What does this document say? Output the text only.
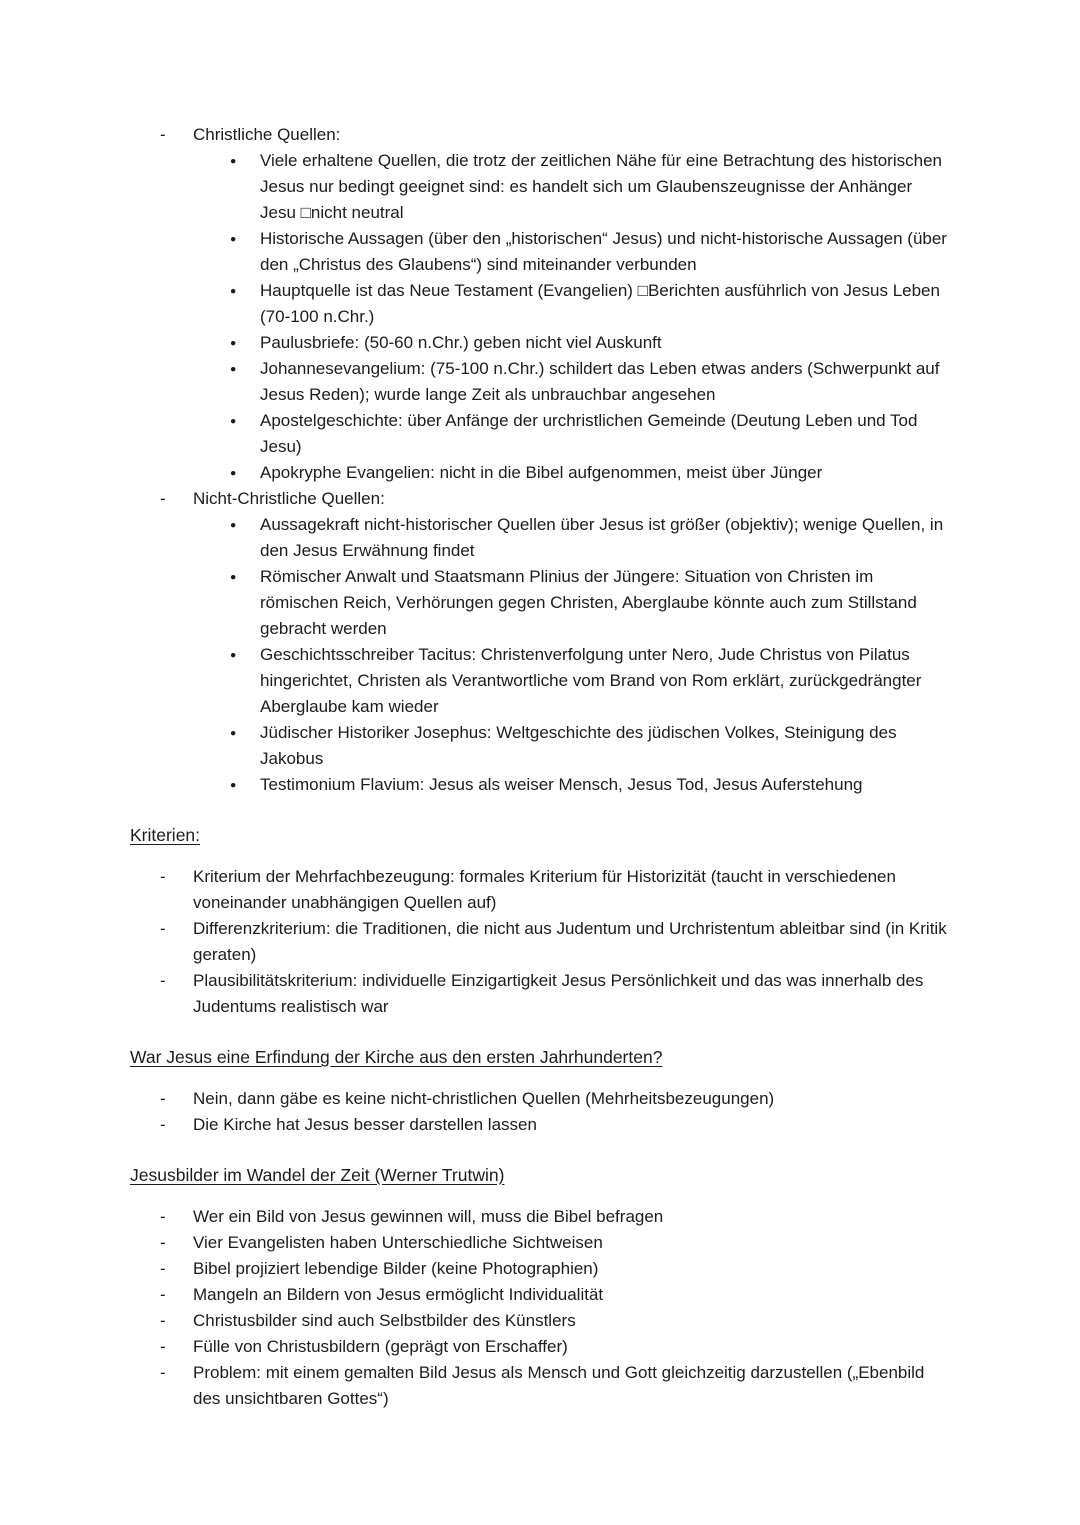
-	Christliche Quellen:
●	Viele erhaltene Quellen, die trotz der zeitlichen Nähe für eine Betrachtung des historischen Jesus nur bedingt geeignet sind: es handelt sich um Glaubenszeugnisse der Anhänger Jesu □nicht neutral
●	Historische Aussagen (über den „historischen“ Jesus) und nicht-historische Aussagen (über den „Christus des Glaubens“) sind miteinander verbunden
●	Hauptquelle ist das Neue Testament (Evangelien) □Berichten ausführlich von Jesus Leben (70-100 n.Chr.)
●	Paulusbriefe: (50-60 n.Chr.) geben nicht viel Auskunft
●	Johannesevangelium: (75-100 n.Chr.) schildert das Leben etwas anders (Schwerpunkt auf Jesus Reden); wurde lange Zeit als unbrauchbar angesehen
●	Apostelgeschichte: über Anfänge der urchristlichen Gemeinde (Deutung Leben und Tod Jesu)
●	Apokryphe Evangelien: nicht in die Bibel aufgenommen, meist über Jünger
-	Nicht-Christliche Quellen:
●	Aussagekraft nicht-historischer Quellen über Jesus ist größer (objektiv); wenige Quellen, in den Jesus Erwähnung findet
●	Römischer Anwalt und Staatsmann Plinius der Jüngere: Situation von Christen im römischen Reich, Verhörungen gegen Christen, Aberglaube könnte auch zum Stillstand gebracht werden
●	Geschichtsschreiber Tacitus: Christenverfolgung unter Nero, Jude Christus von Pilatus hingerichtet, Christen als Verantwortliche vom Brand von Rom erklärt, zurückgedrängter Aberglaube kam wieder
●	Jüdischer Historiker Josephus: Weltgeschichte des jüdischen Volkes, Steinigung des Jakobus
●	Testimonium Flavium: Jesus als weiser Mensch, Jesus Tod, Jesus Auferstehung
Kriterien:
-	Kriterium der Mehrfachbezeugung: formales Kriterium für Historizität (taucht in verschiedenen voneinander unabhängigen Quellen auf)
-	Differenzkriterium: die Traditionen, die nicht aus Judentum und Urchristentum ableitbar sind (in Kritik geraten)
-	Plausibilitätskriterium: individuelle Einzigartigkeit Jesus Persönlichkeit und das was innerhalb des Judentums realistisch war
War Jesus eine Erfindung der Kirche aus den ersten Jahrhunderten?
-	Nein, dann gäbe es keine nicht-christlichen Quellen (Mehrheitsbezeugungen)
-	Die Kirche hat Jesus besser darstellen lassen
Jesusbilder im Wandel der Zeit (Werner Trutwin)
-	Wer ein Bild von Jesus gewinnen will, muss die Bibel befragen
-	Vier Evangelisten haben Unterschiedliche Sichtweisen
-	Bibel projiziert lebendige Bilder (keine Photographien)
-	Mangeln an Bildern von Jesus ermöglicht Individualität
-	Christusbilder sind auch Selbstbilder des Künstlers
-	Fülle von Christusbildern (geprägt von Erschaffer)
-	Problem: mit einem gemalten Bild Jesus als Mensch und Gott gleichzeitig darzustellen („Ebenbild des unsichtbaren Gottes“)
